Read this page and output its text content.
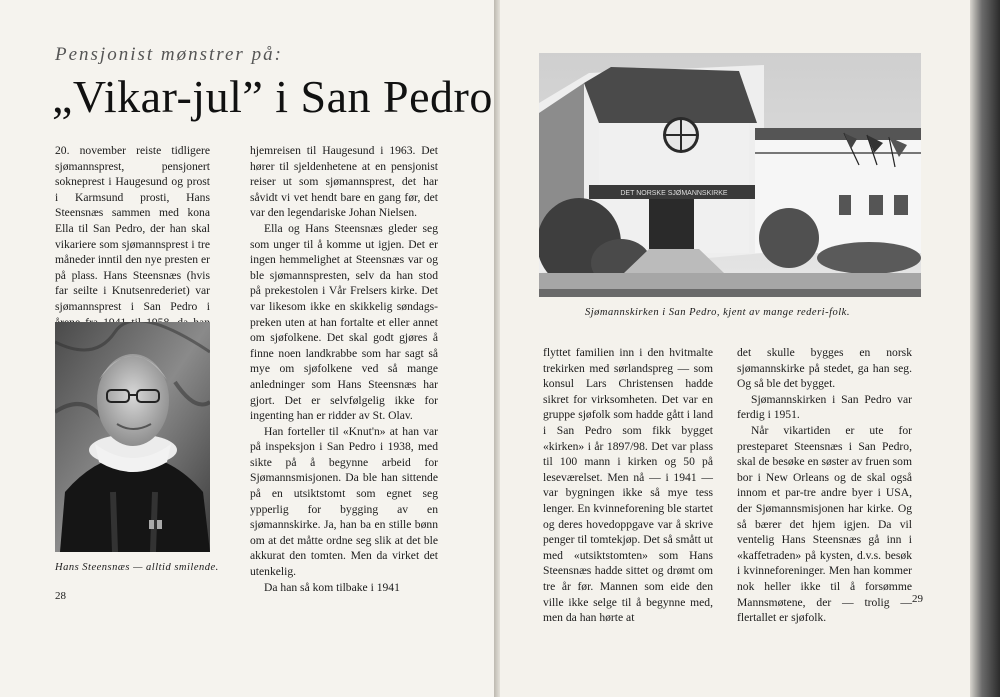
Pensjonist mønstrer på:
„Vikar-jul” i San Pedro

20. november reiste tidligere sjømannsprest, pensjonert sokneprest i Haugesund og prost i Karmsund prosti, Hans Steensnæs sammen med kona Ella til San Pedro, der han skal vikariere som sjømannsprest i tre måneder inntil den nye presten er på plass. Hans Steensnæs (hvis far seilte i Knutsenrederiet) var sjømannsprest i San Pedro i

hjemreisen til Haugesund i 1963. Det hører til sjeldenhetene at en pensjonist reiser ut som sjømannsprest, det har såvidt vi vet hendt bare en gang før, det var den legendariske Johan Nielsen.

Ella og Hans Steensnæs gleder seg som unger til å komme ut igjen. Det er ingen hemmelighet at Steensnæs var og ble sjømannspresten, selv da han stod på prekestolen i Vår Frelsers kirke. Det var likesom ikke en skikkelig søndags-preken uten at han fortalte et eller annet om sjøfolkene. Det skal godt gjøres å finne noen landkrabbe som har sagt så mye om sjøfolkene ved så mange anledninger som Hans Steensnæs har gjort. Det er selvfølgelig ikke for ingenting han er ridder av St. Olav.

Han forteller til «Knut'n» at han var på inspeksjon i San Pedro i 1938, med sikte på å begynne arbeid for Sjømannsmisjonen. Da ble han sittende på en utsiktstomt som egnet seg ypperlig for bygging av en sjømannskirke. Ja, han ba en stille bønn om at det måtte ordne seg slik at det ble akkurat den tomten. Men da virket det utenkelig.

Da han så kom tilbake i 1941

Hans Steensnæs — alltid smilende.
28
DET NORSKE SJØMANNSKIRKE
Sjømannskirken i San Pedro, kjent av mange rederi-folk.

flyttet familien inn i den hvitmalte trekirken med sørlandspreg — som konsul Lars Christensen hadde sikret for virksomheten. Det var en gruppe sjøfolk som hadde gått i land i San Pedro som fikk bygget «kirken» i år 1897/98. Det var plass til 100 mann i kirken og 50 på leseværelset. Men nå — i 1941 — var bygningen ikke så mye tess lenger. En kvinneforening ble startet og deres hovedoppgave var å skrive penger til tomtekjøp. Det så smått ut med «utsiktstomten» som Hans Steensnæs hadde sittet og drømt om tre år før. Mannen som eide den ville ikke selge til å begynne med, men da han hørte at

det skulle bygges en norsk sjømannskirke på stedet, ga han seg. Og så ble det bygget.

Sjømannskirken i San Pedro var ferdig i 1951.

Når vikartiden er ute for presteparet Steensnæs i San Pedro, skal de besøke en søster av fruen som bor i New Orleans og de skal også innom et par-tre andre byer i USA, der Sjømannsmisjonen har kirke. Og så bærer det hjem igjen. Da vil ventelig Hans Steensnæs gå inn i «kaffetraden» på kysten, d.v.s. besøk i kvinneforeninger. Men han kommer nok heller ikke til å forsømme Mannsmøtene, der — trolig — flertallet er sjøfolk.

29
